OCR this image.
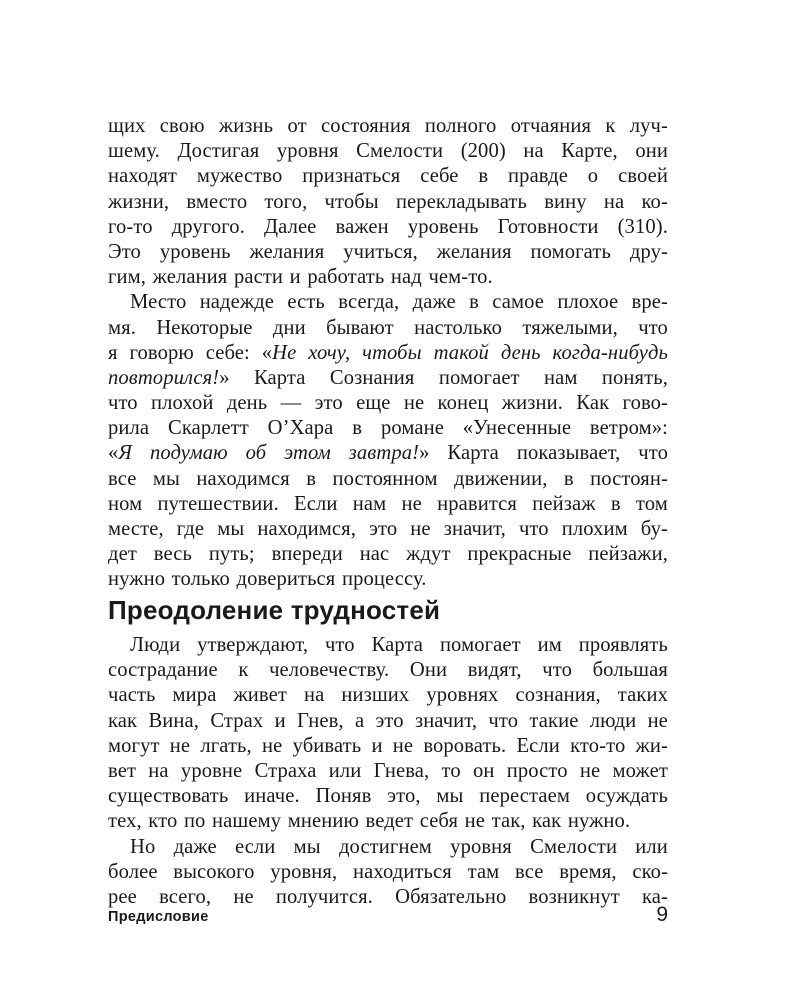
щих свою жизнь от состояния полного отчаяния к луч-
шему. Достигая уровня Смелости (200) на Карте, они
находят мужество признаться себе в правде о своей
жизни, вместо того, чтобы перекладывать вину на ко-
го-то другого. Далее важен уровень Готовности (310).
Это уровень желания учиться, желания помогать дру-
гим, желания расти и работать над чем-то.
Место надежде есть всегда, даже в самое плохое вре-
мя. Некоторые дни бывают настолько тяжелыми, что
я говорю себе: «Не хочу, чтобы такой день когда-нибудь
повторился!» Карта Сознания помогает нам понять,
что плохой день — это еще не конец жизни. Как гово-
рила Скарлетт О’Хара в романе «Унесенные ветром»:
«Я подумаю об этом завтра!» Карта показывает, что
все мы находимся в постоянном движении, в постоян-
ном путешествии. Если нам не нравится пейзаж в том
месте, где мы находимся, это не значит, что плохим бу-
дет весь путь; впереди нас ждут прекрасные пейзажи,
нужно только довериться процессу.
Преодоление трудностей
Люди утверждают, что Карта помогает им проявлять
сострадание к человечеству. Они видят, что большая
часть мира живет на низших уровнях сознания, таких
как Вина, Страх и Гнев, а это значит, что такие люди не
могут не лгать, не убивать и не воровать. Если кто-то жи-
вет на уровне Страха или Гнева, то он просто не может
существовать иначе. Поняв это, мы перестаем осуждать
тех, кто по нашему мнению ведет себя не так, как нужно.
Но даже если мы достигнем уровня Смелости или
более высокого уровня, находиться там все время, ско-
рее всего, не получится. Обязательно возникнут ка-
Предисловие	9
